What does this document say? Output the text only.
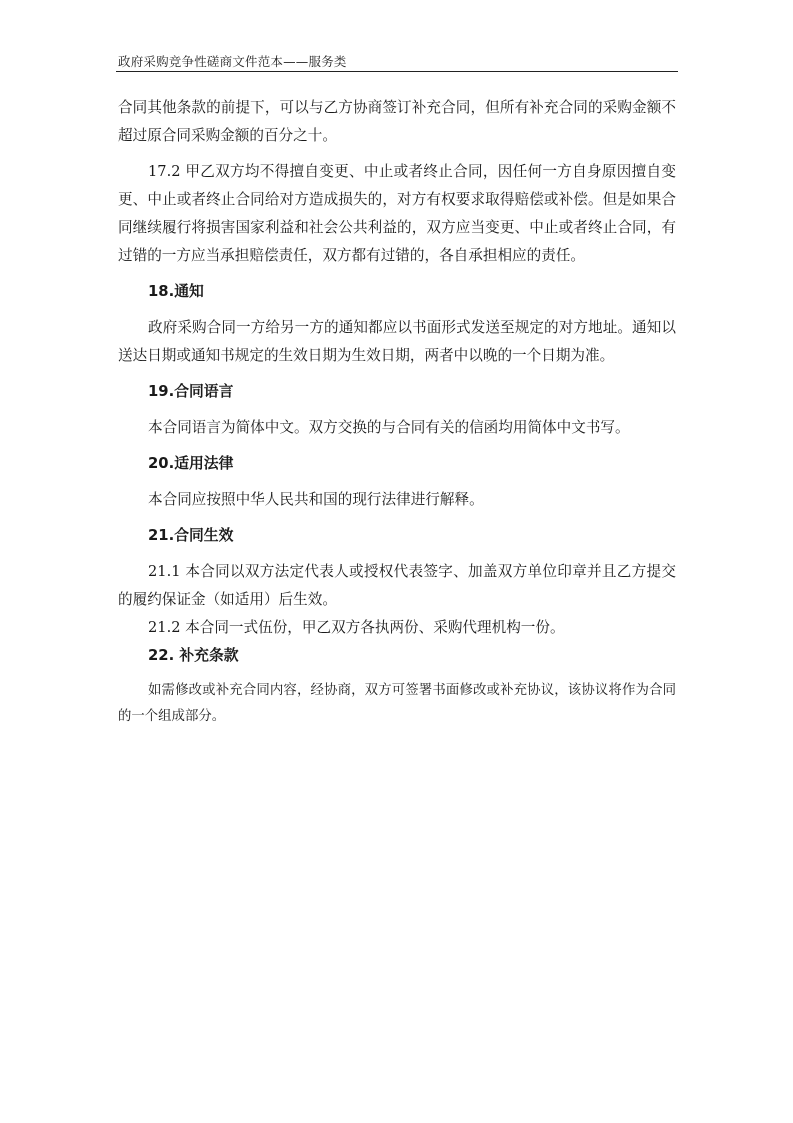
政府采购竞争性磋商文件范本——服务类

合同其他条款的前提下，可以与乙方协商签订补充合同，但所有补充合同的采购金额不超过原合同采购金额的百分之十。

17.2 甲乙双方均不得擅自变更、中止或者终止合同，因任何一方自身原因擅自变更、中止或者终止合同给对方造成损失的，对方有权要求取得赔偿或补偿。但是如果合同继续履行将损害国家利益和社会公共利益的，双方应当变更、中止或者终止合同，有过错的一方应当承担赔偿责任，双方都有过错的，各自承担相应的责任。

18.通知

政府采购合同一方给另一方的通知都应以书面形式发送至规定的对方地址。通知以送达日期或通知书规定的生效日期为生效日期，两者中以晚的一个日期为准。

19.合同语言

本合同语言为简体中文。双方交换的与合同有关的信函均用简体中文书写。

20.适用法律

本合同应按照中华人民共和国的现行法律进行解释。

21.合同生效

21.1 本合同以双方法定代表人或授权代表签字、加盖双方单位印章并且乙方提交的履约保证金（如适用）后生效。

21.2 本合同一式伍份，甲乙双方各执两份、采购代理机构一份。

22. 补充条款

如需修改或补充合同内容，经协商，双方可签署书面修改或补充协议，该协议将作为合同的一个组成部分。
